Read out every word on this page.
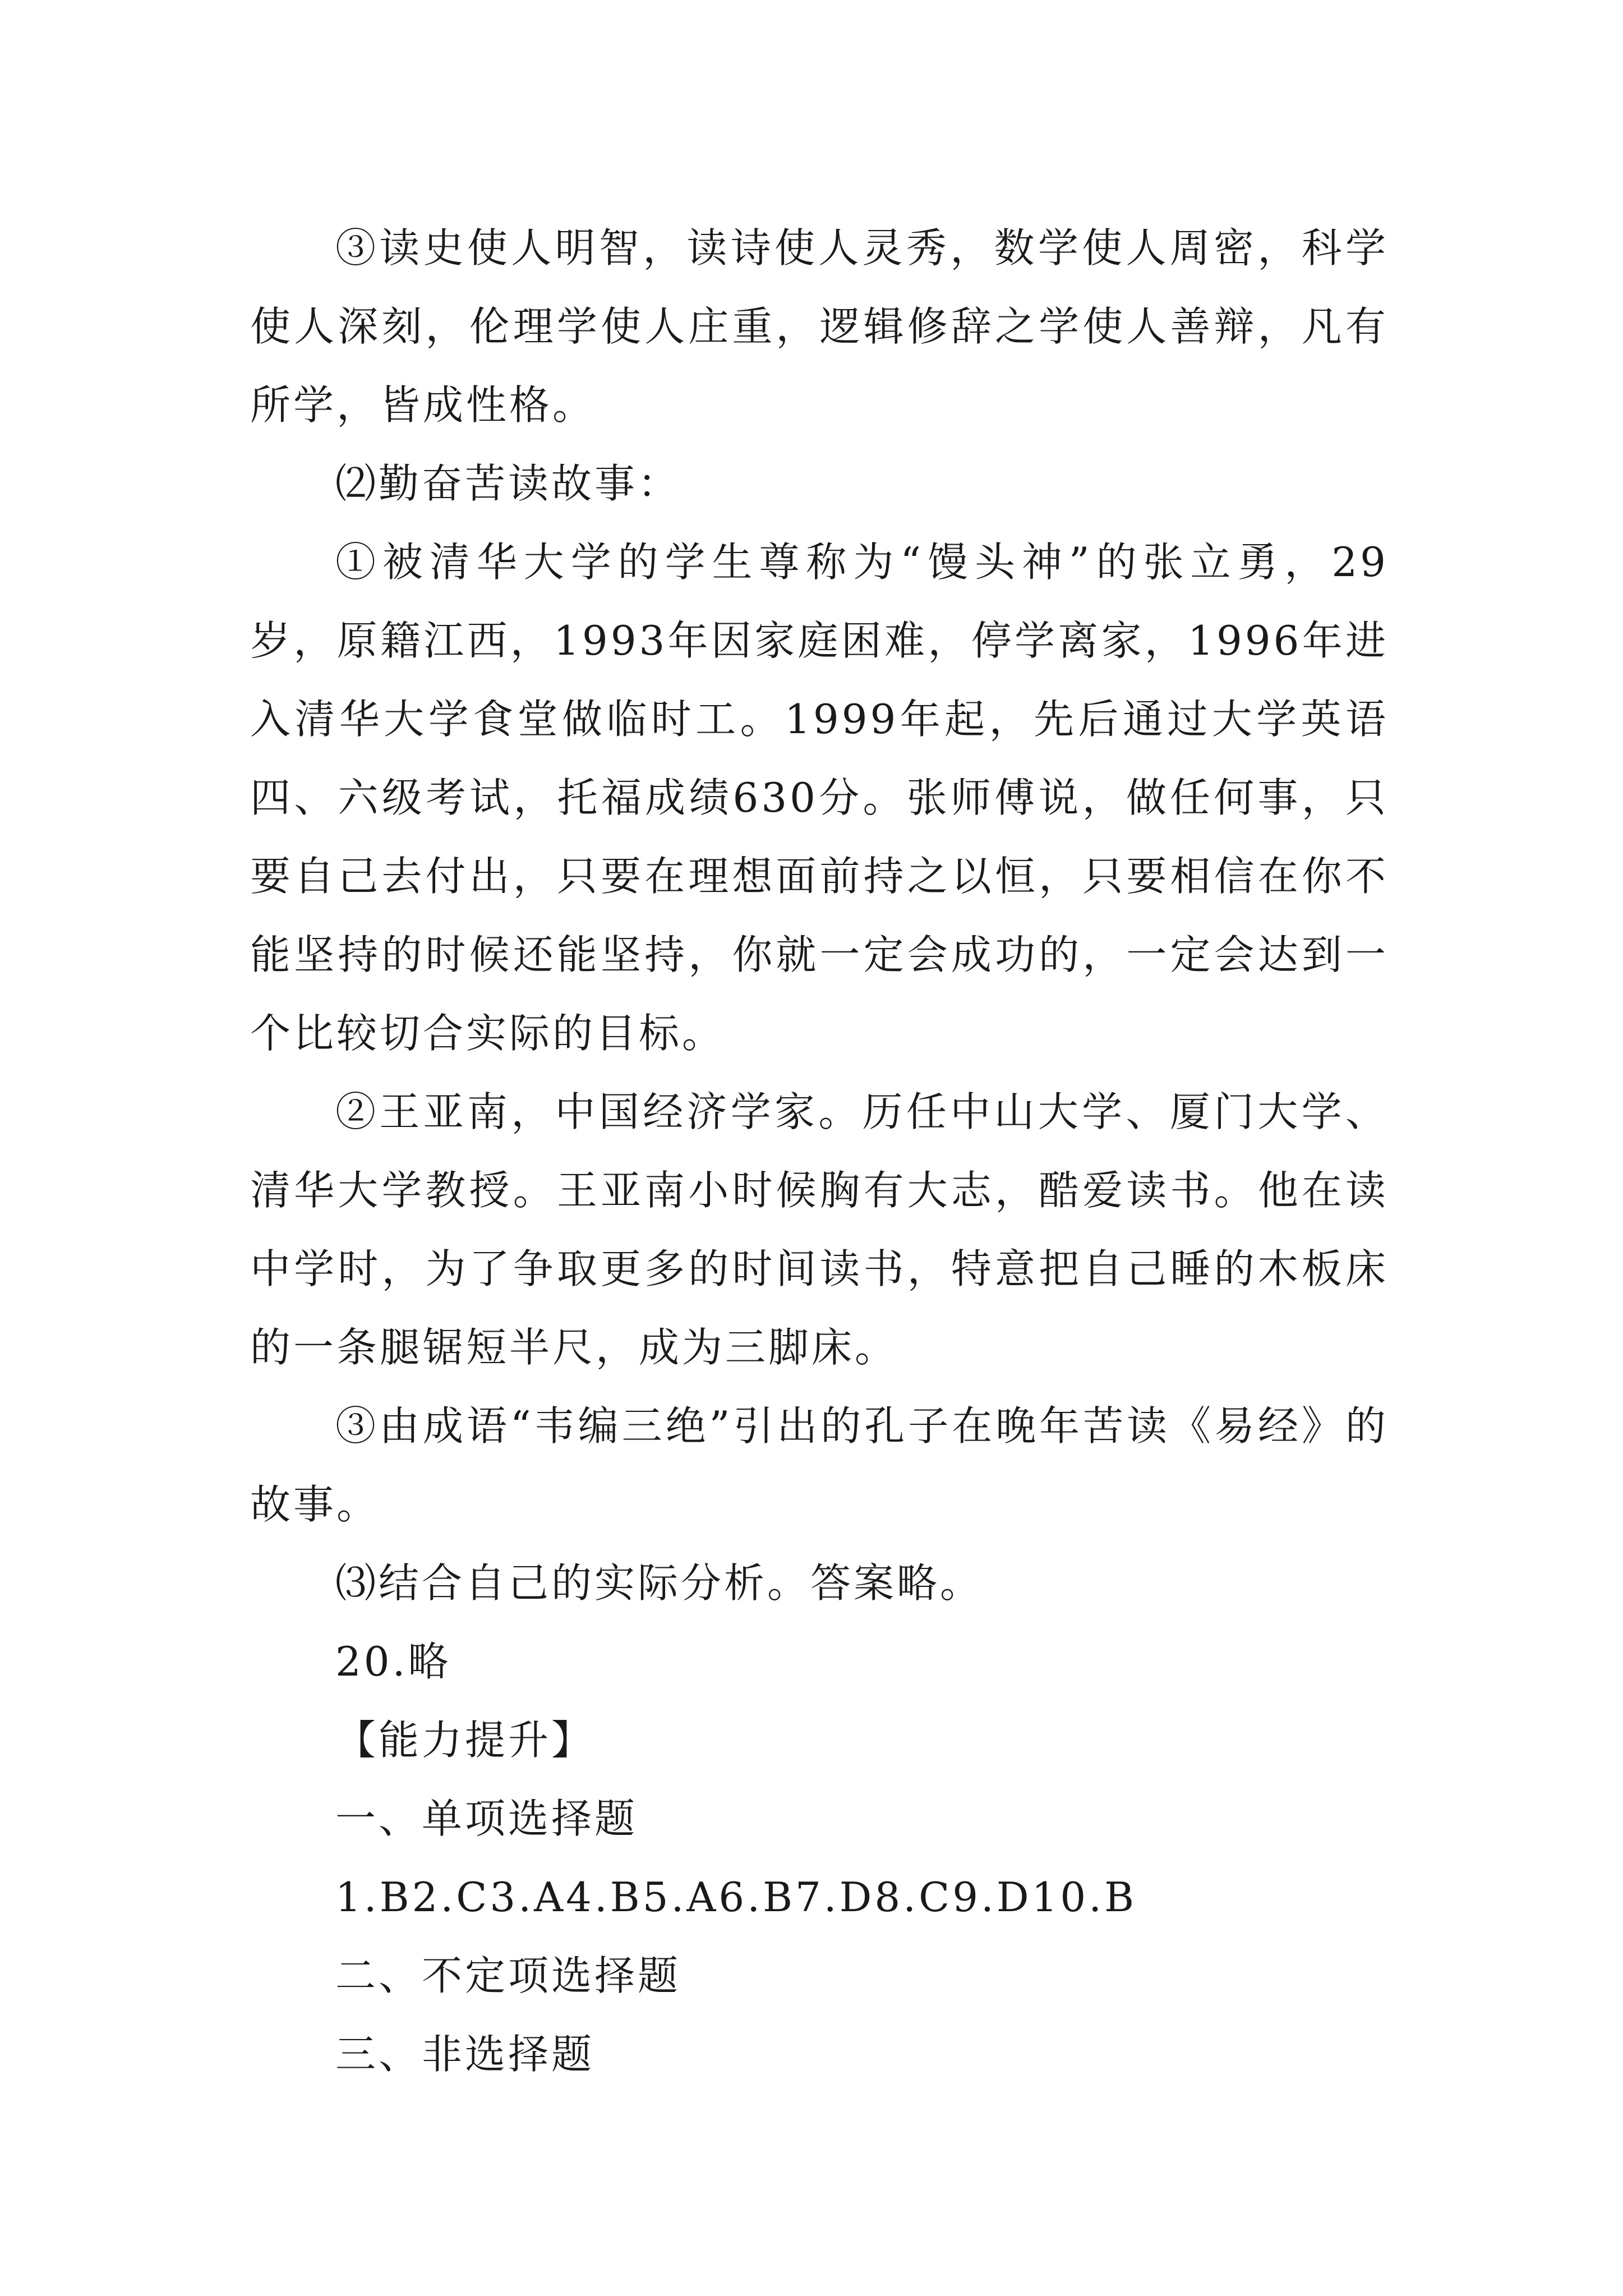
③读史使人明智，读诗使人灵秀，数学使人周密，科学使人深刻，伦理学使人庄重，逻辑修辞之学使人善辩，凡有所学，皆成性格。

⑵勤奋苦读故事：

①被清华大学的学生尊称为“馒头神”的张立勇，29岁，原籍江西，1993年因家庭困难，停学离家，1996年进入清华大学食堂做临时工。1999年起，先后通过大学英语四、六级考试，托福成绩630分。张师傅说，做任何事，只要自己去付出，只要在理想面前持之以恒，只要相信在你不能坚持的时候还能坚持，你就一定会成功的，一定会达到一个比较切合实际的目标。

②王亚南，中国经济学家。历任中山大学、厦门大学、清华大学教授。王亚南小时候胸有大志，酷爱读书。他在读中学时，为了争取更多的时间读书，特意把自己睡的木板床的一条腿锯短半尺，成为三脚床。

③由成语“韦编三绝”引出的孔子在晚年苦读《易经》的故事。

⑶结合自己的实际分析。答案略。

20.略

【能力提升】

一、单项选择题

1.B2.C3.A4.B5.A6.B7.D8.C9.D10.B

二、不定项选择题

三、非选择题
